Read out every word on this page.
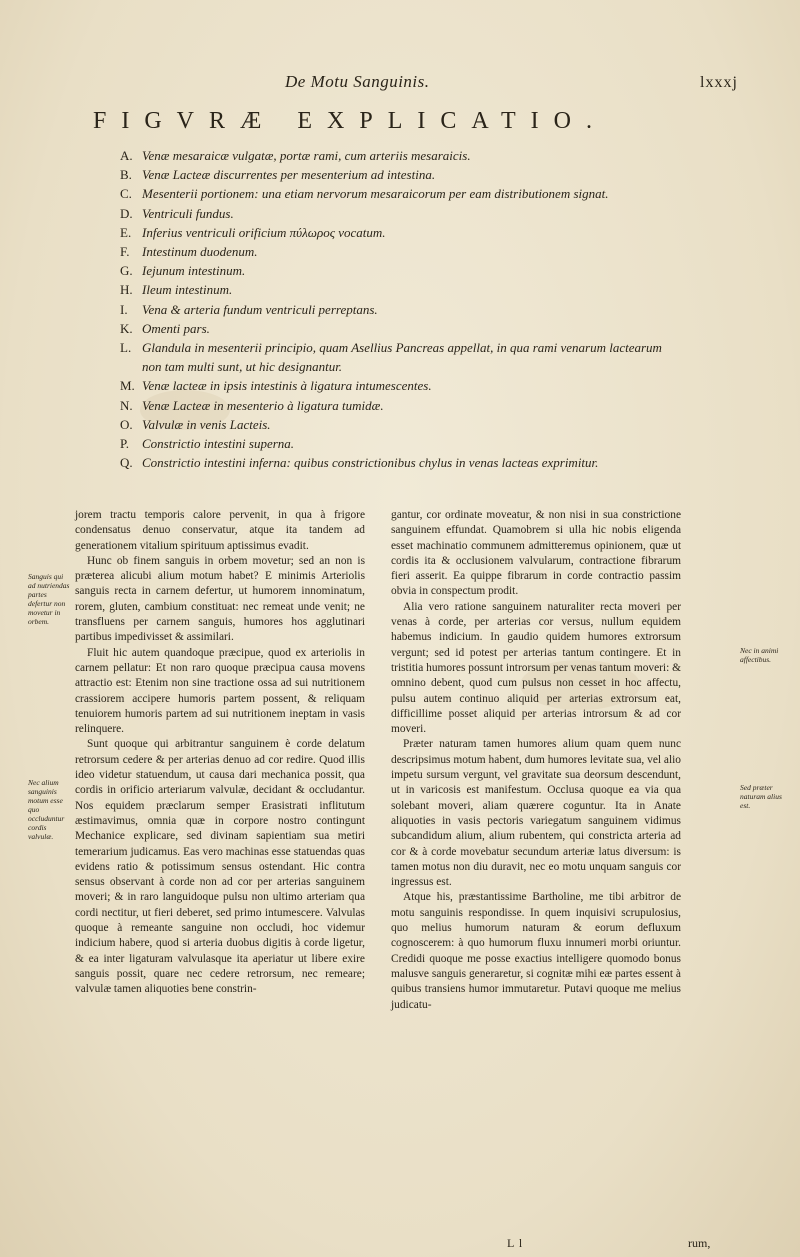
De Motu Sanguinis.	lxxxj
FIGVRÆ EXPLICATIO.
A. Venæ mesaraicæ vulgatæ, portæ rami, cum arteriis mesaraicis.
B. Venæ Lacteæ discurrentes per mesenterium ad intestina.
C. Mesenterii portionem: una etiam nervorum mesaraicorum per eam distributionem signat.
D. Ventriculi fundus.
E. Inferius ventriculi orificium πύλωρος vocatum.
F. Intestinum duodenum.
G. Iejunum intestinum.
H. Ileum intestinum.
I.	Vena & arteria fundum ventriculi perreptans.
K. Omenti pars.
L. Glandula in mesenterii principio, quam Asellius Pancreas appellat, in qua rami venarum lactearum non tam multi sunt, ut hic designantur.
M. Venæ lacteæ in ipsis intestinis à ligatura intumescentes.
N. Venæ Lacteæ in mesenterio à ligatura tumidæ.
O. Valvulæ in venis Lacteis.
P. Constrictio intestini superna.
Q. Constrictio intestini inferna: quibus constrictionibus chylus in venas lacteas exprimitur.
Sanguis qui ad nutriendas partes defertur non movetur in orbem.
Nec alium sanguinis motum esse quo occluduntur cordis valvulæ.
Nec in animi affectibus.
Sed præter naturam alius est.

jorem tractu temporis calore pervenit, in qua à frigore condensatus denuo conservatur, atque ita tandem ad generationem vitalium spirituum aptissimus evadit.

Hunc ob finem sanguis in orbem movetur; sed an non is præterea alicubi alium motum habet? E minimis Arteriolis sanguis recta in carnem defertur, ut humorem innominatum, rorem, gluten, cambium constituat: nec remeat unde venit; ne transfluens per carnem sanguis, humores hos agglutinari partibus impedivisset & assimilari.

Fluit hic autem quandoque præcipue, quod ex arteriolis in carnem pellatur: Et non raro quoque præcipua causa movens attractio est: Etenim non sine tractione ossa ad sui nutritionem crassiorem accipere humoris partem possent, & reliquam tenuiorem humoris partem ad sui nutritionem ineptam in vasis relinquere.

Sunt quoque qui arbitrantur sanguinem è corde delatum retrorsum cedere & per arterias denuo ad cor redire. Quod illis ideo videtur statuendum, ut causa dari mechanica possit, qua cordis in orificio arteriarum valvulæ, decidant & occludantur. Nos equidem præclarum semper Erasistrati inflitutum æstimavimus, omnia quæ in corpore nostro contingunt Mechanice explicare, sed divinam sapientiam sua metiri temerarium judicamus. Eas vero machinas esse statuendas quas evidens ratio & potissimum sensus ostendant. Hic contra sensus observant à corde non ad cor per arterias sanguinem moveri; & in raro languidoque pulsu non ultimo arteriam qua cordi nectitur, ut fieri deberet, sed primo intumescere. Valvulas quoque à remeante sanguine non occludi, hoc videmur indicium habere, quod si arteria duobus digitis à corde ligetur, & ea inter ligaturam valvulasque ita aperiatur ut libere exire sanguis possit, quare nec cedere retrorsum, nec remeare; valvulæ tamen aliquoties bene constrin-

gantur, cor ordinate moveatur, & non nisi in sua constrictione sanguinem effundat. Quamobrem si ulla hic nobis eligenda esset machinatio communem admitteremus opinionem, quæ ut cordis ita & occlusionem valvularum, contractione fibrarum fieri asserit. Ea quippe fibrarum in corde contractio passim obvia in conspectum prodit.

Alia vero ratione sanguinem naturaliter recta moveri per venas à corde, per arterias cor versus, nullum equidem habemus indicium. In gaudio quidem humores extrorsum vergunt; sed id potest per arterias tantum contingere. Et in tristitia humores possunt introrsum per venas tantum moveri: & omnino debent, quod cum pulsus non cesset in hoc affectu, pulsu autem continuo aliquid per arterias extrorsum eat, difficillime posset aliquid per arterias introrsum & ad cor moveri.

Præter naturam tamen humores alium quam quem nunc descripsimus motum habent, dum humores levitate sua, vel alio impetu sursum vergunt, vel gravitate sua deorsum descendunt, ut in varicosis est manifestum. Occlusa quoque ea via qua solebant moveri, aliam quærere coguntur. Ita in Anate aliquoties in vasis pectoris variegatum sanguinem vidimus subcandidum alium, alium rubentem, qui constricta arteria ad cor & à corde movebatur secundum arteriæ latus diversum: is tamen motus non diu duravit, nec eo motu unquam sanguis cor ingressus est.

Atque his, præstantissime Bartholine, me tibi arbitror de motu sanguinis respondisse. In quem inquisivi scrupulosius, quo melius humorum naturam & eorum defluxum cognoscerem: à quo humorum fluxu innumeri morbi oriuntur. Credidi quoque me posse exactius intelligere quomodo bonus malusve sanguis generaretur, si cognitæ mihi eæ partes essent à quibus transiens humor immutaretur. Putavi quoque me melius judicatu-

L l	rum,
